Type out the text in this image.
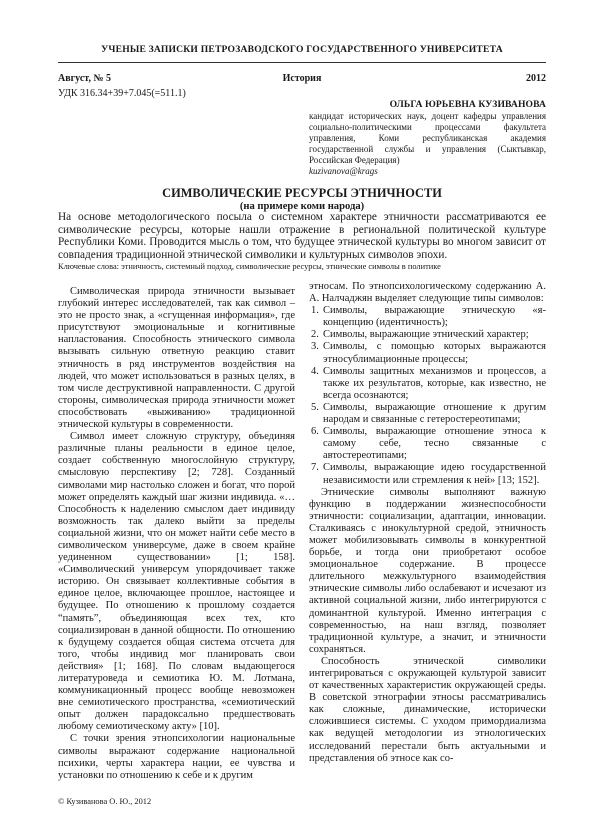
УЧЕНЫЕ ЗАПИСКИ ПЕТРОЗАВОДСКОГО ГОСУДАРСТВЕННОГО УНИВЕРСИТЕТА
История
Август, № 5	2012
УДК 316.34+39+7.045(=511.1)
ОЛЬГА ЮРЬЕВНА КУЗИВАНОВА
кандидат исторических наук, доцент кафедры управления социально-политическими процессами факультета управления, Коми республиканская академия государственной службы и управления (Сыктывкар, Российская Федерация)
kuzivanova@krags
СИМВОЛИЧЕСКИЕ РЕСУРСЫ ЭТНИЧНОСТИ
(на примере коми народа)
На основе методологического посыла о системном характере этничности рассматриваются ее символические ресурсы, которые нашли отражение в региональной политической культуре Республики Коми. Проводится мысль о том, что будущее этнической культуры во многом зависит от совпадения традиционной этнической символики и культурных символов эпохи.
Ключевые слова: этничность, системный подход, символические ресурсы, этнические символы в политике

Символическая природа этничности вызывает глубокий интерес исследователей, так как символ – это не просто знак, а «сгущенная информация», где присутствуют эмоциональные и когнитивные напластования. Способность этнического символа вызывать сильную ответную реакцию ставит этничность в ряд инструментов воздействия на людей, что может использоваться в разных целях, в том числе деструктивной направленности. С другой стороны, символическая природа этничности может способствовать «выживанию» традиционной этнической культуры в современности.

Символ имеет сложную структуру, объединяя различные планы реальности в единое целое, создает собственную многослойную структуру, смысловую перспективу [2; 728]. Созданный символами мир настолько сложен и богат, что порой может определять каждый шаг жизни индивида. «…Способность к наделению смыслом дает индивиду возможность так далеко выйти за пределы социальной жизни, что он может найти себе место в символическом универсуме, даже в своем крайне уединенном существовании» [1; 158]. «Символический универсум упорядочивает также историю. Он связывает коллективные события в единое целое, включающее прошлое, настоящее и будущее. По отношению к прошлому создается “память”, объединяющая всех тех, кто социализирован в данной общности. По отношению к будущему создается общая система отсчета для того, чтобы индивид мог планировать свои действия» [1; 168]. По словам выдающегося литературоведа и семиотика Ю. М. Лотмана, коммуникационный процесс вообще невозможен вне семиотического пространства, «семиотический опыт должен парадоксально предшествовать любому семиотическому акту» [10].

С точки зрения этнопсихологии национальные символы выражают содержание национальной психики, черты характера нации, ее чувства и установки по отношению к себе и к другим

этносам. По этнопсихологическому содержанию А. А. Налчаджян выделяет следующие типы символов:

1. Символы, выражающие этническую «я-концепцию (идентичность);
2. Символы, выражающие этнический характер;
3. Символы, с помощью которых выражаются этносублимационные процессы;
4. Символы защитных механизмов и процессов, а также их результатов, которые, как известно, не всегда осознаются;
5. Символы, выражающие отношение к другим народам и связанные с гетеростереотипами;
6. Символы, выражающие отношение этноса к самому себе, тесно связанные с автостереотипами;
7. Символы, выражающие идею государственной независимости или стремления к ней» [13; 152].

Этнические символы выполняют важную функцию в поддержании жизнеспособности этничности: социализации, адаптации, инновации. Сталкиваясь с инокультурной средой, этничность может мобилизовывать символы в конкурентной борьбе, и тогда они приобретают особое эмоциональное содержание. В процессе длительного межкультурного взаимодействия этнические символы либо ослабевают и исчезают из активной социальной жизни, либо интегрируются с доминантной культурой. Именно интеграция с современностью, на наш взгляд, позволяет традиционной культуре, а значит, и этничности сохраняться.

Способность этнической символики интегрироваться с окружающей культурой зависит от качественных характеристик окружающей среды. В советской этнографии этносы рассматривались как сложные, динамические, исторически сложившиеся системы. С уходом примордиализма как ведущей методологии из этнологических исследований перестали быть актуальными и представления об этносе как со-

© Кузиванова О. Ю., 2012
